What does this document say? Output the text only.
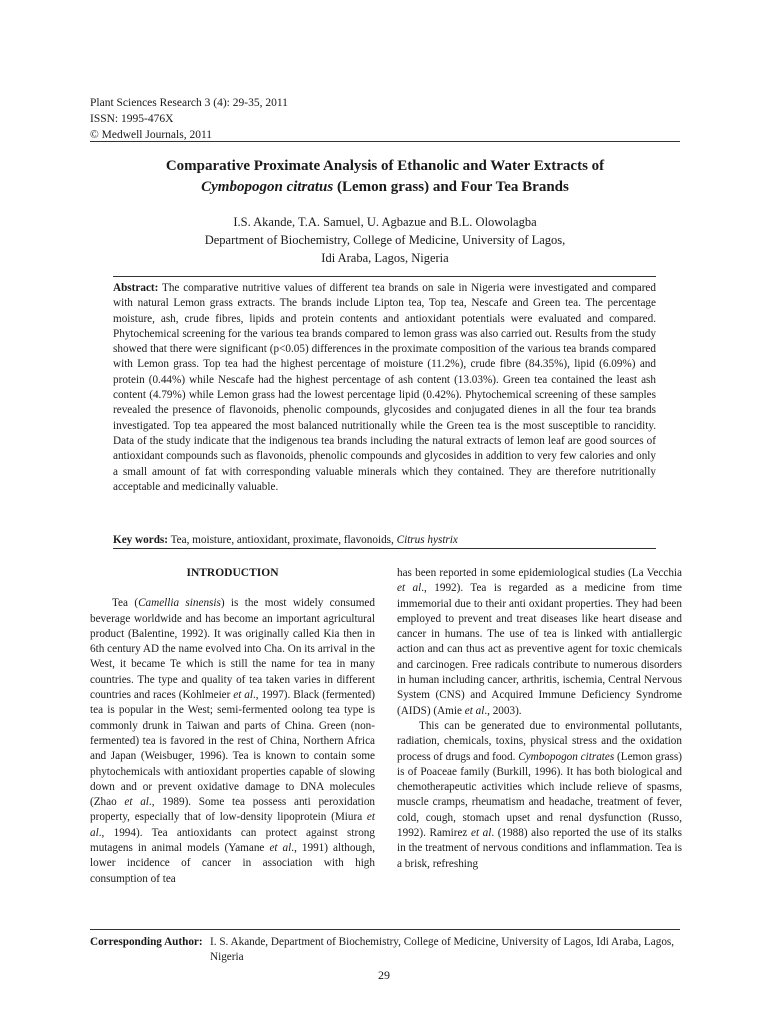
Plant Sciences Research 3 (4): 29-35, 2011
ISSN: 1995-476X
© Medwell Journals, 2011
Comparative Proximate Analysis of Ethanolic and Water Extracts of
Cymbopogon citratus (Lemon grass) and Four Tea Brands
I.S. Akande, T.A. Samuel, U. Agbazue and B.L. Olowolagba
Department of Biochemistry, College of Medicine, University of Lagos,
Idi Araba, Lagos, Nigeria
Abstract: The comparative nutritive values of different tea brands on sale in Nigeria were investigated and compared with natural Lemon grass extracts. The brands include Lipton tea, Top tea, Nescafe and Green tea. The percentage moisture, ash, crude fibres, lipids and protein contents and antioxidant potentials were evaluated and compared. Phytochemical screening for the various tea brands compared to lemon grass was also carried out. Results from the study showed that there were significant (p<0.05) differences in the proximate composition of the various tea brands compared with Lemon grass. Top tea had the highest percentage of moisture (11.2%), crude fibre (84.35%), lipid (6.09%) and protein (0.44%) while Nescafe had the highest percentage of ash content (13.03%). Green tea contained the least ash content (4.79%) while Lemon grass had the lowest percentage lipid (0.42%). Phytochemical screening of these samples revealed the presence of flavonoids, phenolic compounds, glycosides and conjugated dienes in all the four tea brands investigated. Top tea appeared the most balanced nutritionally while the Green tea is the most susceptible to rancidity. Data of the study indicate that the indigenous tea brands including the natural extracts of lemon leaf are good sources of antioxidant compounds such as flavonoids, phenolic compounds and glycosides in addition to very few calories and only a small amount of fat with corresponding valuable minerals which they contained. They are therefore nutritionally acceptable and medicinally valuable.
Key words: Tea, moisture, antioxidant, proximate, flavonoids, Citrus hystrix
INTRODUCTION

Tea (Camellia sinensis) is the most widely consumed beverage worldwide and has become an important agricultural product (Balentine, 1992). It was originally called Kia then in 6th century AD the name evolved into Cha. On its arrival in the West, it became Te which is still the name for tea in many countries. The type and quality of tea taken varies in different countries and races (Kohlmeier et al., 1997). Black (fermented) tea is popular in the West; semi-fermented oolong tea type is commonly drunk in Taiwan and parts of China. Green (non-fermented) tea is favored in the rest of China, Northern Africa and Japan (Weisbuger, 1996). Tea is known to contain some phytochemicals with antioxidant properties capable of slowing down and or prevent oxidative damage to DNA molecules (Zhao et al., 1989). Some tea possess anti peroxidation property, especially that of low-density lipoprotein (Miura et al., 1994). Tea antioxidants can protect against strong mutagens in animal models (Yamane et al., 1991) although, lower incidence of cancer in association with high consumption of tea

has been reported in some epidemiological studies (La Vecchia et al., 1992). Tea is regarded as a medicine from time immemorial due to their anti oxidant properties. They had been employed to prevent and treat diseases like heart disease and cancer in humans. The use of tea is linked with antiallergic action and can thus act as preventive agent for toxic chemicals and carcinogen. Free radicals contribute to numerous disorders in human including cancer, arthritis, ischemia, Central Nervous System (CNS) and Acquired Immune Deficiency Syndrome (AIDS) (Amie et al., 2003).

This can be generated due to environmental pollutants, radiation, chemicals, toxins, physical stress and the oxidation process of drugs and food. Cymbopogon citrates (Lemon grass) is of Poaceae family (Burkill, 1996). It has both biological and chemotherapeutic activities which include relieve of spasms, muscle cramps, rheumatism and headache, treatment of fever, cold, cough, stomach upset and renal dysfunction (Russo, 1992). Ramirez et al. (1988) also reported the use of its stalks in the treatment of nervous conditions and inflammation. Tea is a brisk, refreshing

Corresponding Author: I. S. Akande, Department of Biochemistry, College of Medicine, University of Lagos, Idi Araba, Lagos,
Nigeria
29
